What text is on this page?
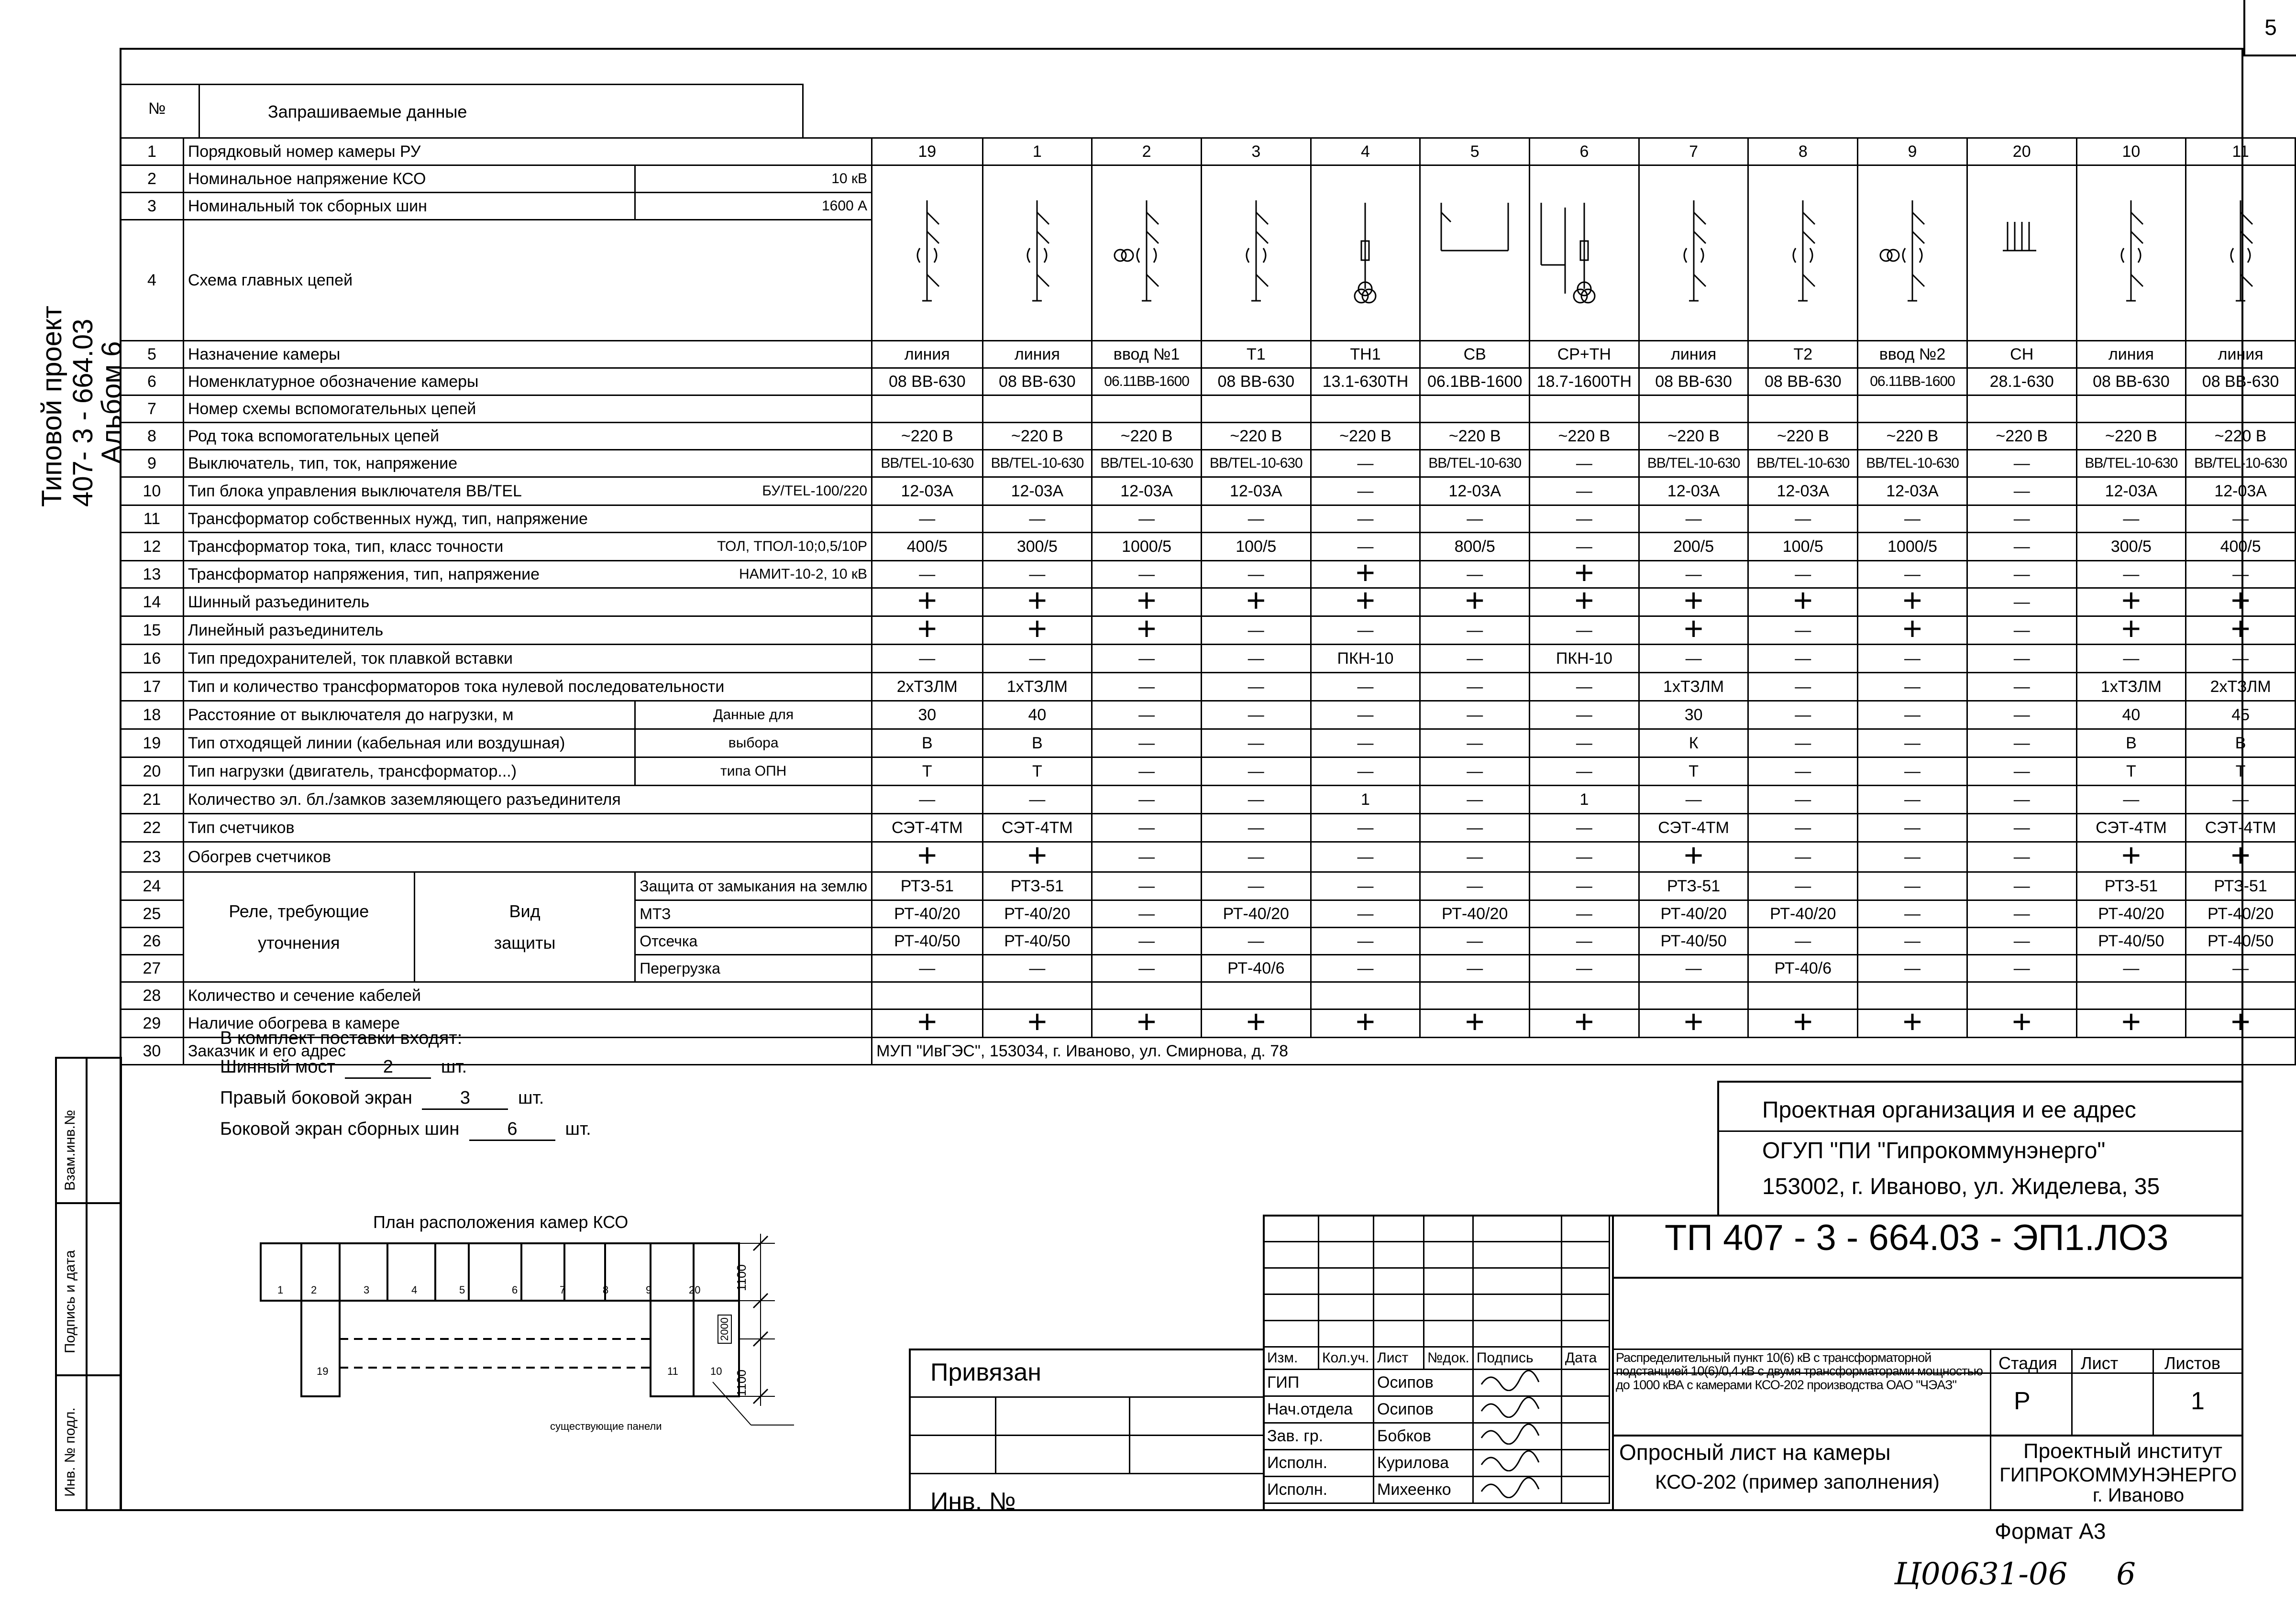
5
Типовой проект 407- 3 - 664.03
Альбом 6
Взам.инв.№
Подпись и дата
Инв. № подл.
№	Запрашиваемые данные
1	Порядковый номер камеры РУ		19	1	2	3	4	5	6	7	8	9	20	10	11
2	Номинальное напряжение КСО	10 кВ	

3	Номинальный ток сборных шин	1600 А													
4	Схема главных цепей														
5	Назначение камеры		линия	линия	ввод №1	Т1	ТН1	СВ	СР+ТН	линия	Т2	ввод №2	СН	линия	линия
6	Номенклатурное обозначение камеры		08 ВВ-630	08 ВВ-630	06.11ВВ-1600	08 ВВ-630	13.1-630ТН	06.1ВВ-1600	18.7-1600ТН	08 ВВ-630	08 ВВ-630	06.11ВВ-1600	28.1-630	08 ВВ-630	08 ВВ-630
7	Номер схемы вспомогательных цепей														
8	Род тока вспомогательных цепей		~220 В	~220 В	~220 В	~220 В	~220 В	~220 В	~220 В	~220 В	~220 В	~220 В	~220 В	~220 В	~220 В
9	Выключатель, тип, ток, напряжение		ВВ/TEL-10-630	ВВ/TEL-10-630	ВВ/TEL-10-630	ВВ/TEL-10-630	—	ВВ/TEL-10-630	—	ВВ/TEL-10-630	ВВ/TEL-10-630	ВВ/TEL-10-630	—	ВВ/TEL-10-630	ВВ/TEL-10-630
10	Тип блока управления выключателя ВВ/TEL	БУ/TEL-100/220	12-03А	12-03А	12-03А	12-03А	—	12-03А	—	12-03А	12-03А	12-03А	—	12-03А	12-03А
11	Трансформатор собственных нужд, тип, напряжение		—	—	—	—	—	—	—	—	—	—	—	—	—
12	Трансформатор тока, тип, класс точности	ТОЛ, ТПОЛ-10;0,5/10Р	400/5	300/5	1000/5	100/5	—	800/5	—	200/5	100/5	1000/5	—	300/5	400/5
13	Трансформатор напряжения, тип, напряжение	НАМИТ-10-2, 10 кВ	—	—	—	—	+	—	+	—	—	—	—	—	—
14	Шинный разъединитель		+	+	+	+	+	+	+	+	+	+	—	+	+
15	Линейный разъединитель		+	+	+	—	—	—	—	+	—	+	—	+	+
16	Тип предохранителей, ток плавкой вставки		—	—	—	—	ПКН-10	—	ПКН-10	—	—	—	—	—	—
17	Тип и количество трансформаторов тока нулевой последовательности		2хТЗЛМ	1хТЗЛМ	—	—	—	—	—	1хТЗЛМ	—	—	—	1хТЗЛМ	2хТЗЛМ
18	Расстояние от выключателя до нагрузки, м	Данные для	30	40	—	—	—	—	—	30	—	—	—	40	45
19	Тип отходящей линии (кабельная или воздушная)	выбора	В	В	—	—	—	—	—	К	—	—	—	В	В
20	Тип нагрузки (двигатель, трансформатор...)	типа ОПН	Т	Т	—	—	—	—	—	Т	—	—	—	Т	Т
21	Количество эл. бл./замков заземляющего разъединителя		—	—	—	—	1	—	1	—	—	—	—	—	—
22	Тип счетчиков		СЭТ-4ТМ	СЭТ-4ТМ	—	—	—	—	—	СЭТ-4ТМ	—	—	—	СЭТ-4ТМ	СЭТ-4ТМ
23	Обогрев счетчиков		+	+	—	—	—	—	—	+	—	—	—	+	+
24	Реле, требующие
уточнения
Вид
защиты	Защита от замыкания на землю	РТЗ-51	РТЗ-51	—	—	—	—	—	РТЗ-51	—	—	—	РТЗ-51	РТЗ-51
25		МТЗ	РТ-40/20	РТ-40/20	—	РТ-40/20	—	РТ-40/20	—	РТ-40/20	РТ-40/20	—	—	РТ-40/20	РТ-40/20
26		Отсечка	РТ-40/50	РТ-40/50	—	—	—	—	—	РТ-40/50	—	—	—	РТ-40/50	РТ-40/50
27		Перегрузка	—	—	—	РТ-40/6	—	—	—	—	РТ-40/6	—	—	—	—
28	Количество и сечение кабелей														
29	Наличие обогрева в камере		+	+	+	+	+	+	+	+	+	+	+	+	+
30	Заказчик и его адрес		МУП "ИвГЭС", 153034, г. Иваново, ул. Смирнова, д. 78												
В комплект поставки входят:
Шинный мост	2	шт.
Правый боковой экран	3	шт.
Боковой экран сборных шин	6	шт.
План расположения камер КСО
1	2	3	4	5	6	7	8	9	20
19	11	10
1100
2000
1100
существующие панели
Проектная организация и ее адрес
ОГУП "ПИ "Гипрокоммунэнерго"
153002, г. Иваново, ул. Жиделева, 35

Изм.	Кол.уч.	Лист	№док.	Подпись	Дата
ГИП		Осипов		
Нач.отдела		Осипов		
Зав. гр.		Бобков		
Исполн.		Курилова		
Исполн.		Михеенко		
ТП 407 - 3 - 664.03 - ЭП1.ЛОЗ
Привязан
Инв. №
Распределительный пункт 10(6) кВ с трансформаторной подстанцией 10(6)/0,4 кВ с двумя трансформаторами мощностью до 1000 кВА с камерами КСО-202 производства ОАО "ЧЭАЗ"
Стадия Лист	Листов
Р	1
Опросный лист на камеры
КСО-202 (пример заполнения)
Проектный институт
ГИПРОКОММУНЭНЕРГО
г. Иваново
Формат А3
Ц00631-06     6
